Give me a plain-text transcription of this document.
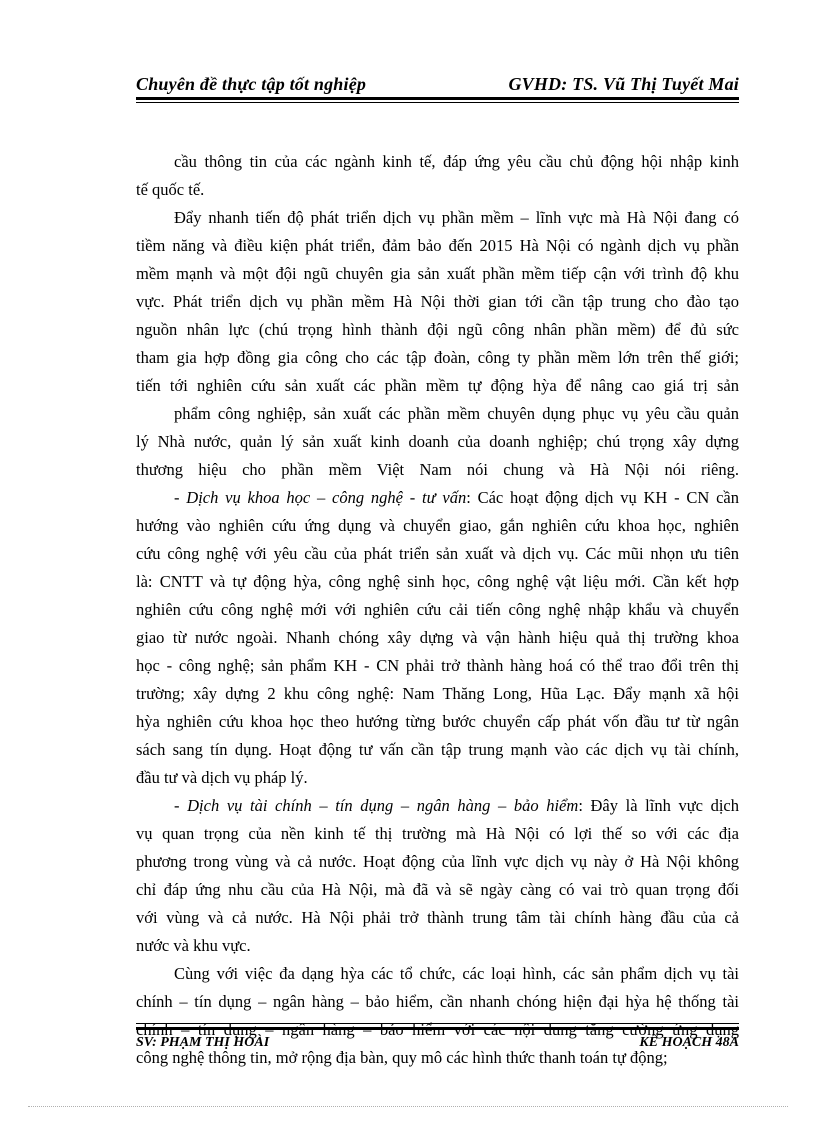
Chuyên đề thực tập tốt nghiệp	GVHD: TS. Vũ Thị Tuyết Mai
cầu thông tin của các ngành kinh tế, đáp ứng yêu cầu chủ động hội nhập kinh
tế quốc tế.
Đẩy nhanh tiến độ phát triển dịch vụ phần mềm – lĩnh vực mà Hà Nội đang có
tiềm năng và điều kiện phát triển, đảm bảo đến 2015 Hà Nội có ngành dịch vụ phần
mềm mạnh và một đội ngũ chuyên gia sản xuất phần mềm tiếp cận với trình độ khu
vực. Phát triển dịch vụ phần mềm Hà Nội thời gian tới cần tập trung cho đào tạo
nguồn nhân lực (chú trọng hình thành đội ngũ công nhân phần mềm) để đủ sức
tham gia hợp đồng gia công cho các tập đoàn, công ty phần mềm lớn trên thế giới;
tiến tới nghiên cứu sản xuất các phần mềm tự động hỳa để nâng cao giá trị sản
phẩm công nghiệp, sản xuất các phần mềm chuyên dụng phục vụ yêu cầu quản
lý Nhà nước, quản lý sản xuất kinh doanh của doanh nghiệp; chú trọng xây dựng
thương hiệu cho phần mềm Việt Nam nói chung và Hà Nội nói riêng.
- Dịch vụ khoa học – công nghệ - tư vấn: Các hoạt động dịch vụ KH - CN cần
hướng vào nghiên cứu ứng dụng và chuyển giao, gắn nghiên cứu khoa học, nghiên
cứu công nghệ với yêu cầu của phát triển sản xuất và dịch vụ. Các mũi nhọn ưu tiên
là: CNTT và tự động hỳa, công nghệ sinh học, công nghệ vật liệu mới. Cần kết hợp
nghiên cứu công nghệ mới với nghiên cứu cải tiến công nghệ nhập khẩu và chuyển
giao từ nước ngoài. Nhanh chóng xây dựng và vận hành hiệu quả thị trường khoa
học - công nghệ; sản phẩm KH - CN phải trở thành hàng hoá có thể trao đổi trên thị
trường; xây dựng 2 khu công nghệ: Nam Thăng Long, Hũa Lạc. Đẩy mạnh xã hội
hỳa nghiên cứu khoa học theo hướng từng bước chuyển cấp phát vốn đầu tư từ ngân
sách sang tín dụng. Hoạt động tư vấn cần tập trung mạnh vào các dịch vụ tài chính,
đầu tư và dịch vụ pháp lý.
- Dịch vụ tài chính – tín dụng – ngân hàng – bảo hiểm: Đây là lĩnh vực dịch
vụ quan trọng của nền kinh tế thị trường mà Hà Nội có lợi thế so với các địa
phương trong vùng và cả nước. Hoạt động của lĩnh vực dịch vụ này ở Hà Nội không
chỉ đáp ứng nhu cầu của Hà Nội, mà đã và sẽ ngày càng có vai trò quan trọng đối
với vùng và cả nước. Hà Nội phải trở thành trung tâm tài chính hàng đầu của cả
nước và khu vực.
Cùng với việc đa dạng hỳa các tổ chức, các loại hình, các sản phẩm dịch vụ tài
chính – tín dụng – ngân hàng – bảo hiểm, cần nhanh chóng hiện đại hỳa hệ thống tài
công nghệ thông tin, mở rộng địa bàn, quy mô các hình thức thanh toán tự động;
SV: PHẠM THỊ HOÀI	KẾ HOẠCH 48A
